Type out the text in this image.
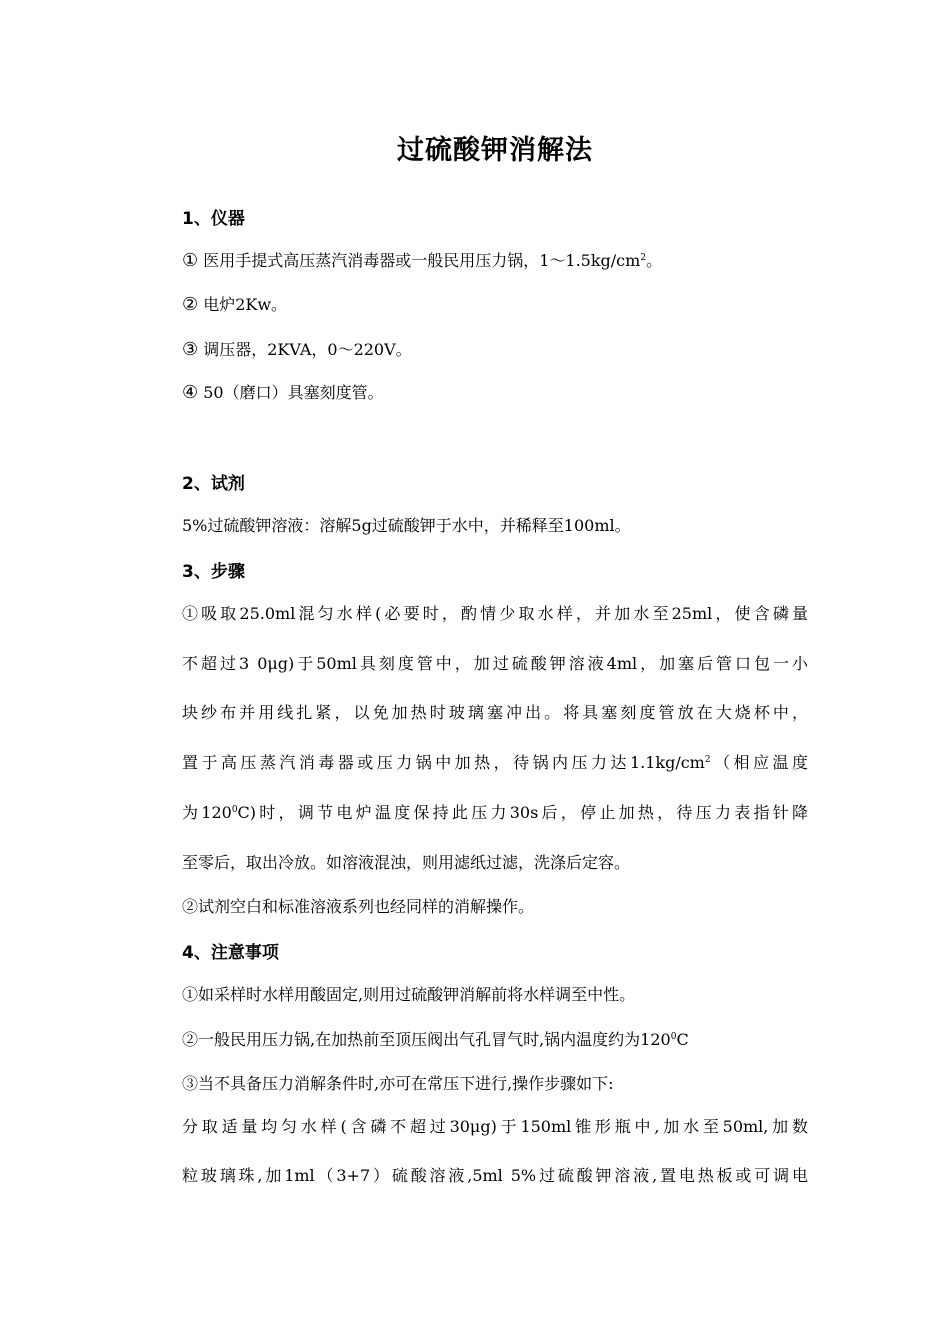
过硫酸钾消解法
1、仪器
① 医用手提式高压蒸汽消毒器或一般民用压力锅，$1\sim 1.5kg/cm^2$。
② 电炉2Kw。
③ 调压器，2KVA，0～220V。
④ 50（磨口）具塞刻度管。
2、试剂
5%过硫酸钾溶液：溶解5g过硫酸钾于水中，并稀释至100ml。
3、步骤
①吸取25.0ml混匀水样(必要时，酌情少取水样，并加水至25ml，使含磷量
不超过3 0μg)于50ml具刻度管中，加过硫酸钾溶液4ml，加塞后管口包一小
块纱布并用线扎紧，以免加热时玻璃塞冲出。将具塞刻度管放在大烧杯中，
置于高压蒸汽消毒器或压力锅中加热，待锅内压力达$1.1kg/cm^2$（相应温度
为$120^0C$)时，调节电炉温度保持此压力30s后，停止加热，待压力表指针降
至零后，取出冷放。如溶液混浊，则用滤纸过滤，洗涤后定容。
②试剂空白和标准溶液系列也经同样的消解操作。
4、注意事项
①如采样时水样用酸固定,则用过硫酸钾消解前将水样调至中性。
②一般民用压力锅,在加热前至顶压阀出气孔冒气时,锅内温度约为$120^0C$
③当不具备压力消解条件时,亦可在常压下进行,操作步骤如下:
分取适量均匀水样(含磷不超过30μg)于150ml锥形瓶中,加水至50ml,加数
粒玻璃珠,加1ml（3+7）硫酸溶液,5ml 5%过硫酸钾溶液,置电热板或可调电
